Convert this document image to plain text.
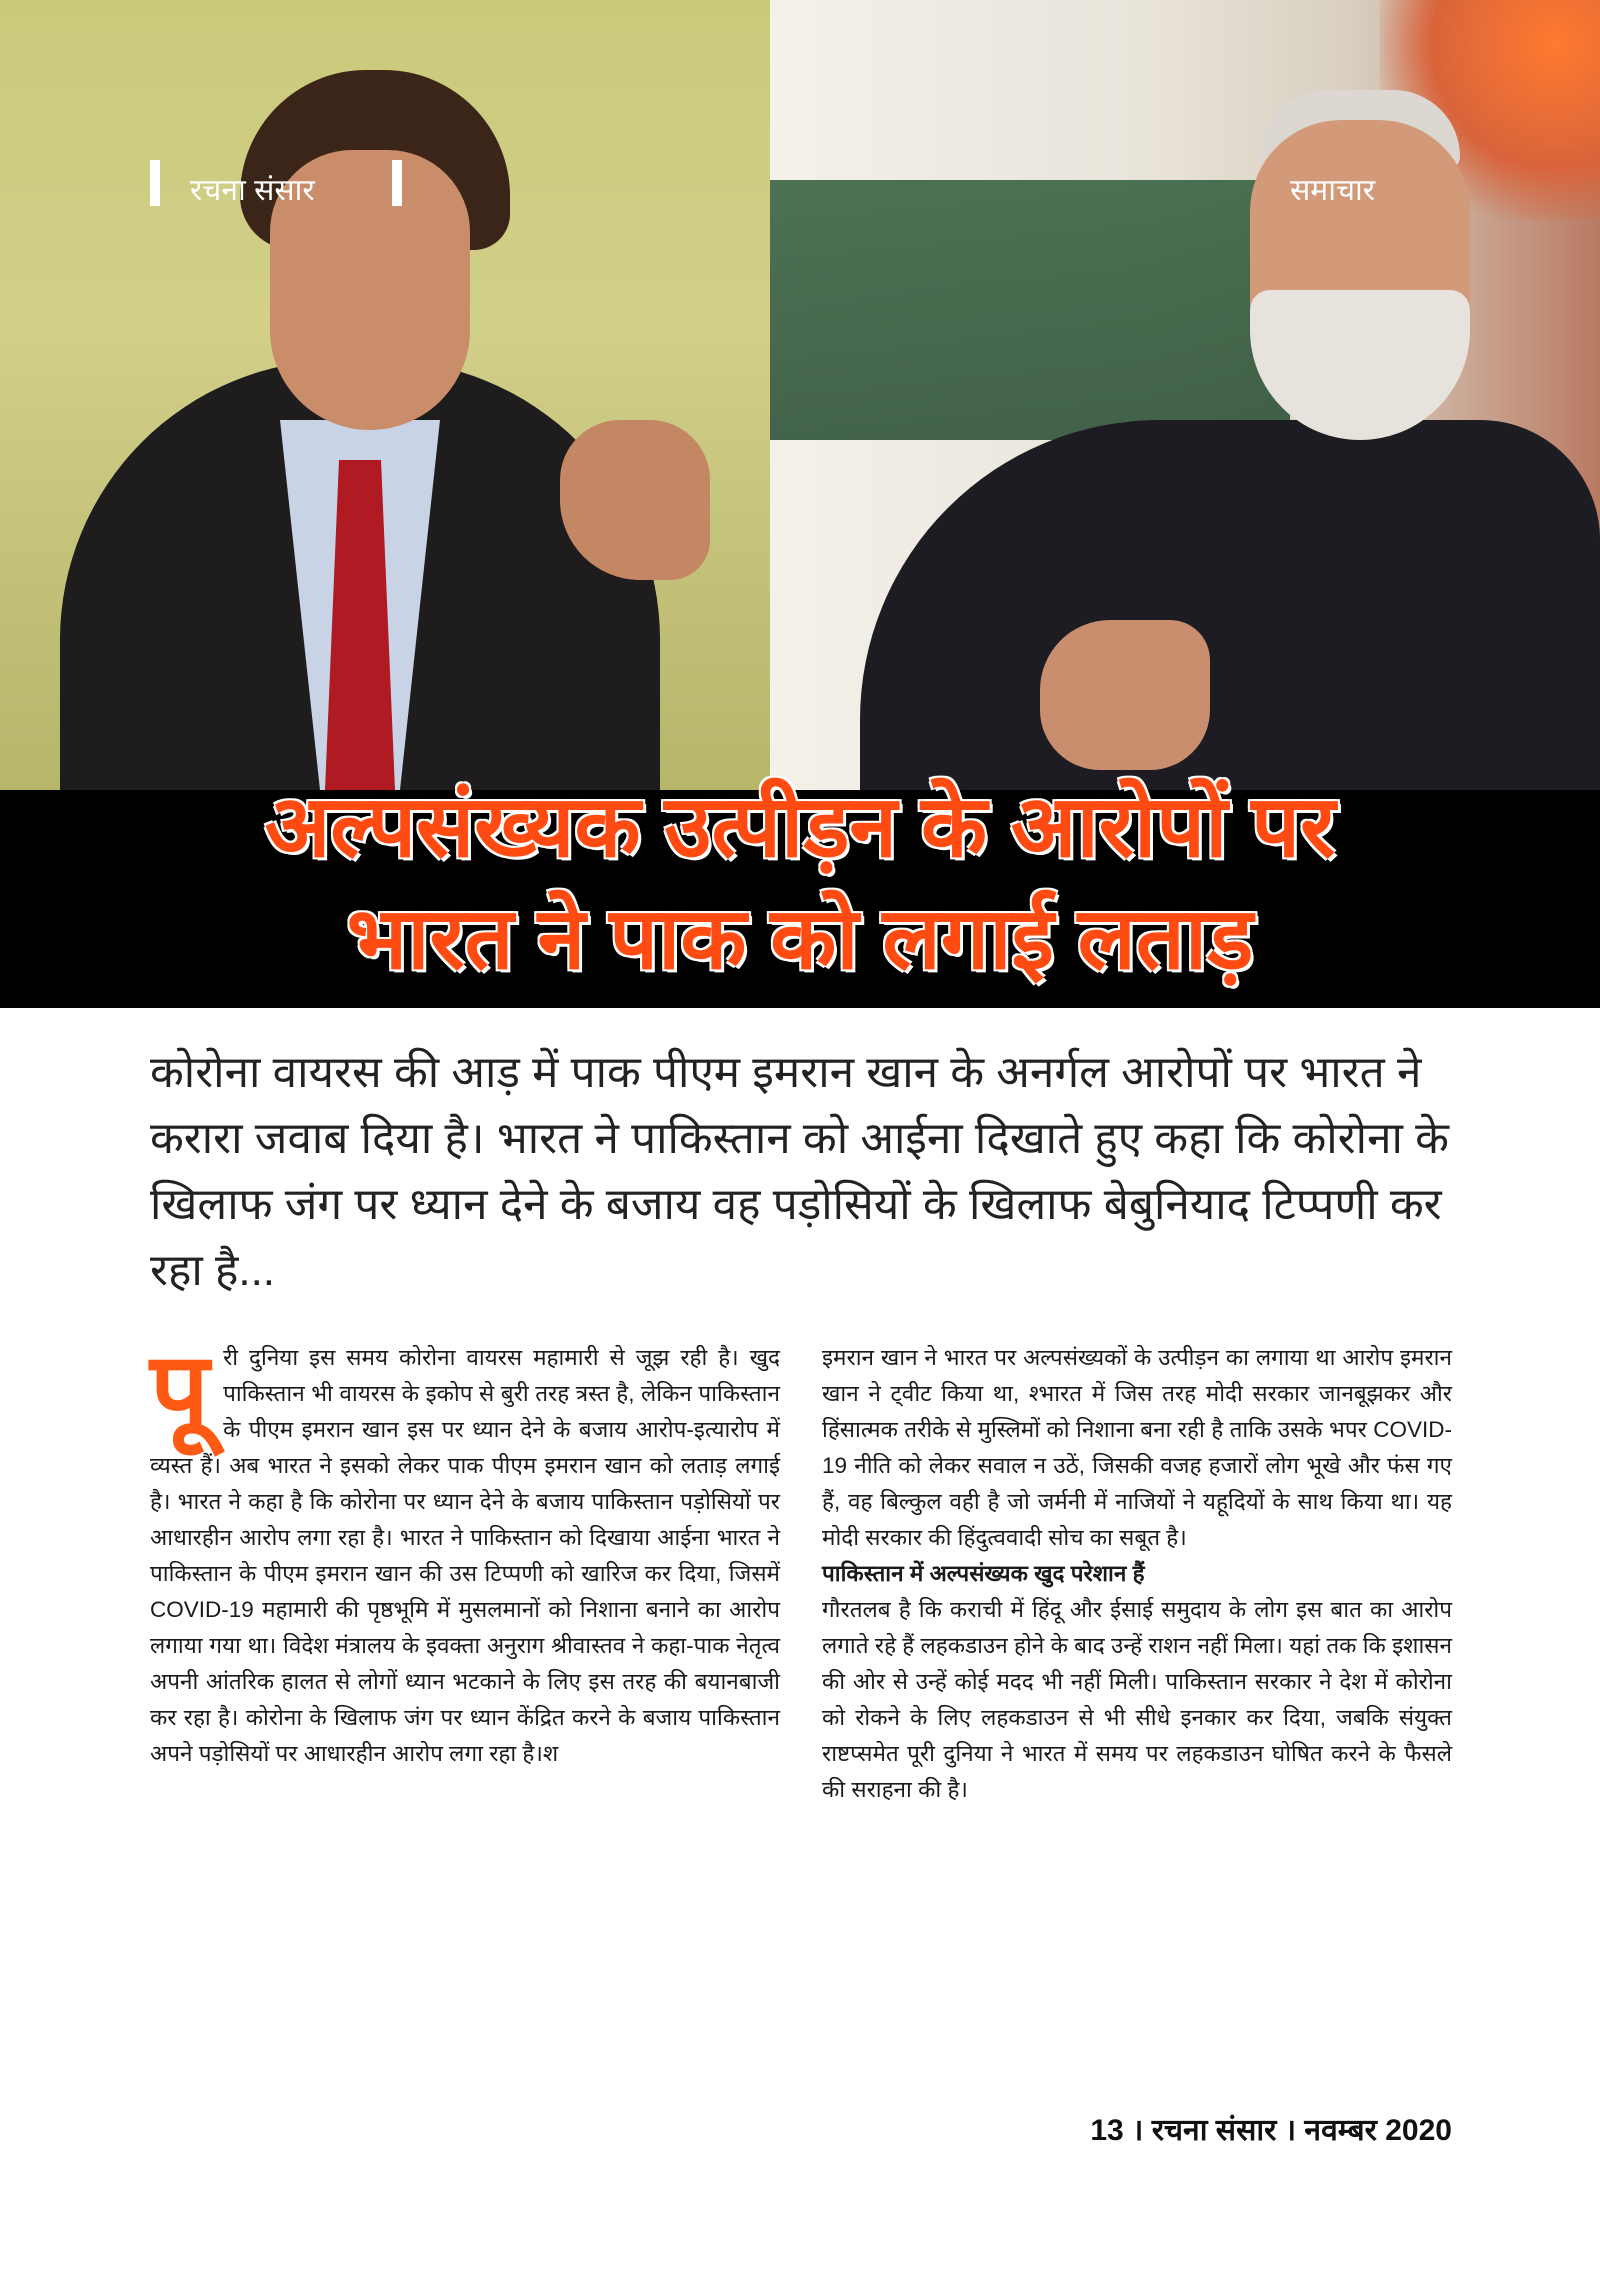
रचना संसार	समाचार
अल्पसंख्यक उत्पीड़न के आरोपों पर
भारत ने पाक को लगाई लताड़
कोरोना वायरस की आड़ में पाक पीएम इमरान खान के अनर्गल आरोपों पर भारत ने करारा जवाब दिया है। भारत ने पाकिस्तान को आईना दिखाते हुए कहा कि कोरोना के खिलाफ जंग पर ध्यान देने के बजाय वह पड़ोसियों के खिलाफ बेबुनियाद टिप्पणी कर रहा है...
पू री दुनिया इस समय कोरोना वायरस महामारी से जूझ रही है। खुद पाकिस्तान भी वायरस के इकोप से बुरी तरह त्रस्त है, लेकिन पाकिस्तान के पीएम इमरान खान इस पर ध्यान देने के बजाय आरोप-इत्यारोप में व्यस्त हैं। अब भारत ने इसको लेकर पाक पीएम इमरान खान को लताड़ लगाई है। भारत ने कहा है कि कोरोना पर ध्यान देने के बजाय पाकिस्तान पड़ोसियों पर आधारहीन आरोप लगा रहा है। भारत ने पाकिस्तान को दिखाया आईना भारत ने पाकिस्तान के पीएम इमरान खान की उस टिप्पणी को खारिज कर दिया, जिसमें COVID-19 महामारी की पृष्ठभूमि में मुसलमानों को निशाना बनाने का आरोप लगाया गया था। विदेश मंत्रालय के इवक्ता अनुराग श्रीवास्तव ने कहा-पाक नेतृत्व अपनी आंतरिक हालत से लोगों ध्यान भटकाने के लिए इस तरह की बयानबाजी कर रहा है। कोरोना के खिलाफ जंग पर ध्यान केंद्रित करने के बजाय पाकिस्तान अपने पड़ोसियों पर आधारहीन आरोप लगा रहा है।श

इमरान खान ने भारत पर अल्पसंख्यकों के उत्पीड़न का लगाया था आरोप इमरान खान ने ट्वीट किया था, श्भारत में जिस तरह मोदी सरकार जानबूझकर और हिंसात्मक तरीके से मुस्लिमों को निशाना बना रही है ताकि उसके भपर COVID-19 नीति को लेकर सवाल न उठें, जिसकी वजह हजारों लोग भूखे और फंस गए हैं, वह बिल्कुल वही है जो जर्मनी में नाजियों ने यहूदियों के साथ किया था। यह मोदी सरकार की हिंदुत्ववादी सोच का सबूत है।

पाकिस्तान में अल्पसंख्यक खुद परेशान हैं

गौरतलब है कि कराची में हिंदू और ईसाई समुदाय के लोग इस बात का आरोप लगाते रहे हैं लहकडाउन होने के बाद उन्हें राशन नहीं मिला। यहां तक कि इशासन की ओर से उन्हें कोई मदद भी नहीं मिली। पाकिस्तान सरकार ने देश में कोरोना को रोकने के लिए लहकडाउन से भी सीधे इनकार कर दिया, जबकि संयुक्त राष्टप्समेत पूरी दुनिया ने भारत में समय पर लहकडाउन घोषित करने के फैसले की सराहना की है।

13 । रचना संसार । नवम्बर 2020
